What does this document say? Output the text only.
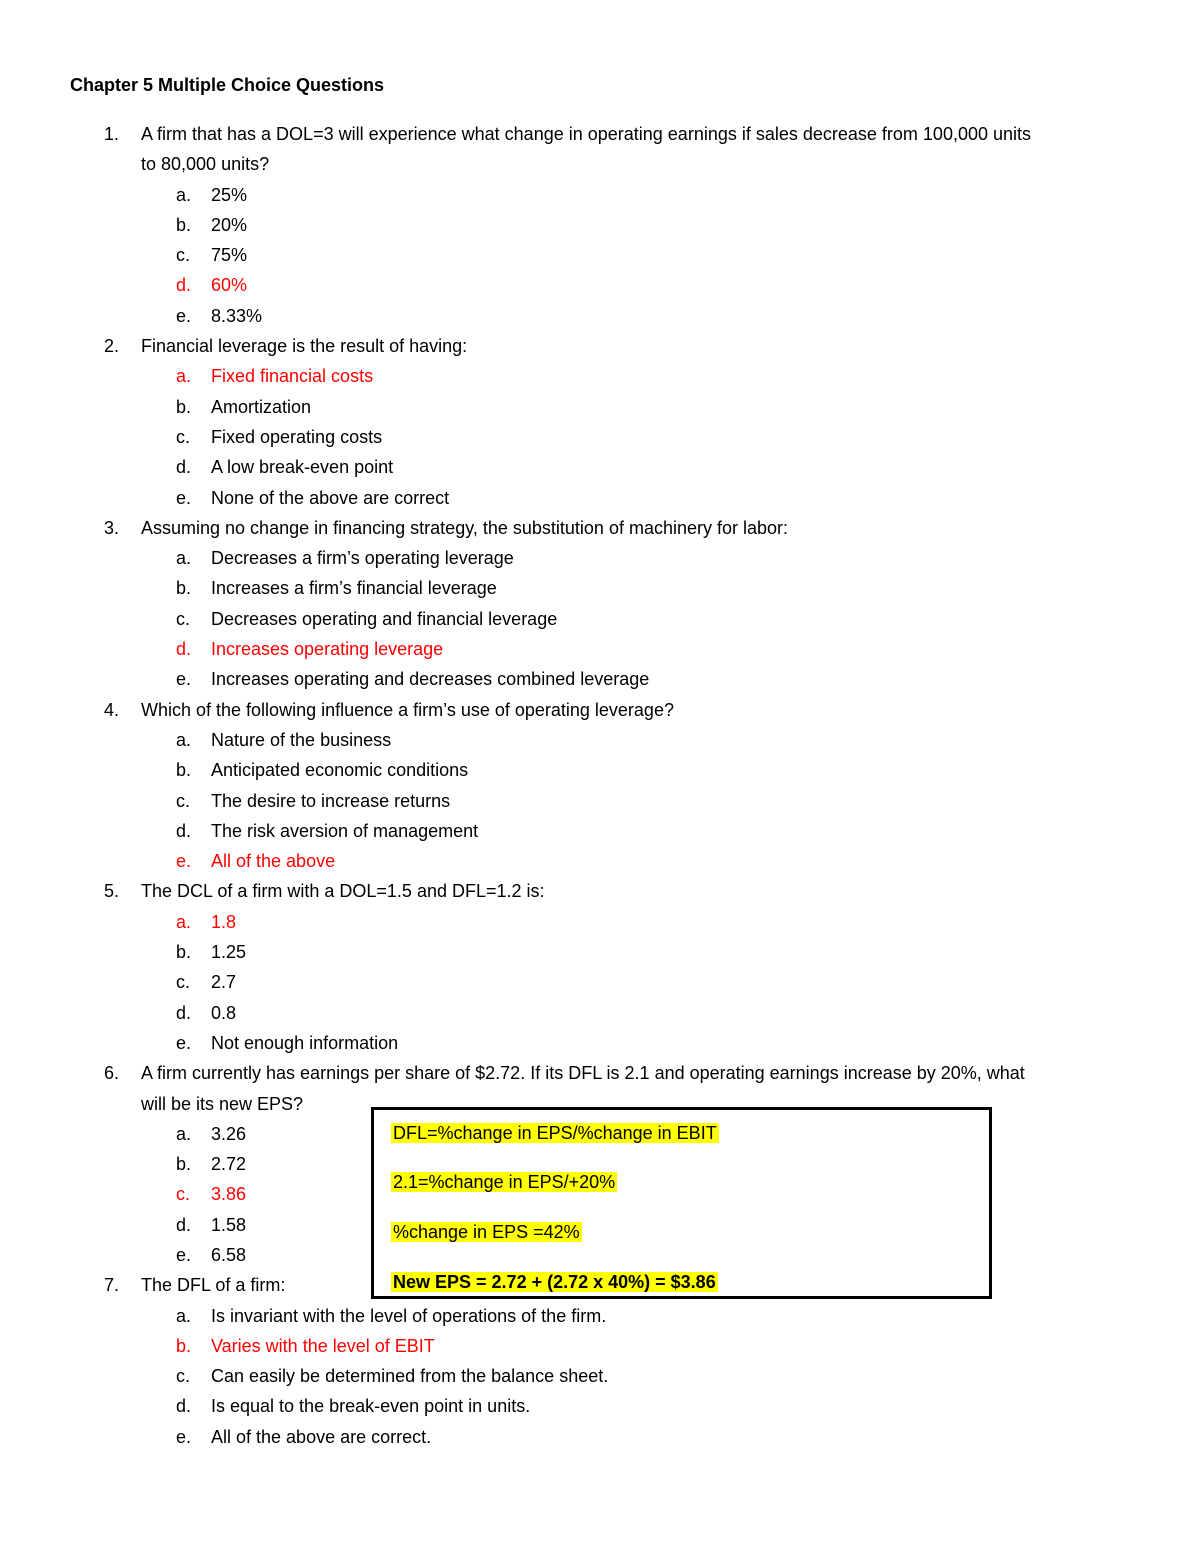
Chapter 5 Multiple Choice Questions
1. A firm that has a DOL=3 will experience what change in operating earnings if sales decrease from 100,000 units
to 80,000 units?
a. 25%
b. 20%
c. 75%
d. 60%
e. 8.33%
2. Financial leverage is the result of having:
a. Fixed financial costs
b. Amortization
c. Fixed operating costs
d. A low break-even point
e. None of the above are correct
3. Assuming no change in financing strategy, the substitution of machinery for labor:
a. Decreases a firm’s operating leverage
b. Increases a firm’s financial leverage
c. Decreases operating and financial leverage
d. Increases operating leverage
e. Increases operating and decreases combined leverage
4. Which of the following influence a firm’s use of operating leverage?
a. Nature of the business
b. Anticipated economic conditions
c. The desire to increase returns
d. The risk aversion of management
e. All of the above
5. The DCL of a firm with a DOL=1.5 and DFL=1.2 is:
a. 1.8
b. 1.25
c. 2.7
d. 0.8
e. Not enough information
6. A firm currently has earnings per share of $2.72. If its DFL is 2.1 and operating earnings increase by 20%, what
will be its new EPS?
a. 3.26
b. 2.72
c. 3.86
d. 1.58
e. 6.58
7. The DFL of a firm:
a. Is invariant with the level of operations of the firm.
b. Varies with the level of EBIT
c. Can easily be determined from the balance sheet.
d. Is equal to the break-even point in units.
e. All of the above are correct.
DFL=%change in EPS/%change in EBIT
2.1=%change in EPS/+20%
%change in EPS =42%
New EPS = 2.72 + (2.72 x 40%) = $3.86
